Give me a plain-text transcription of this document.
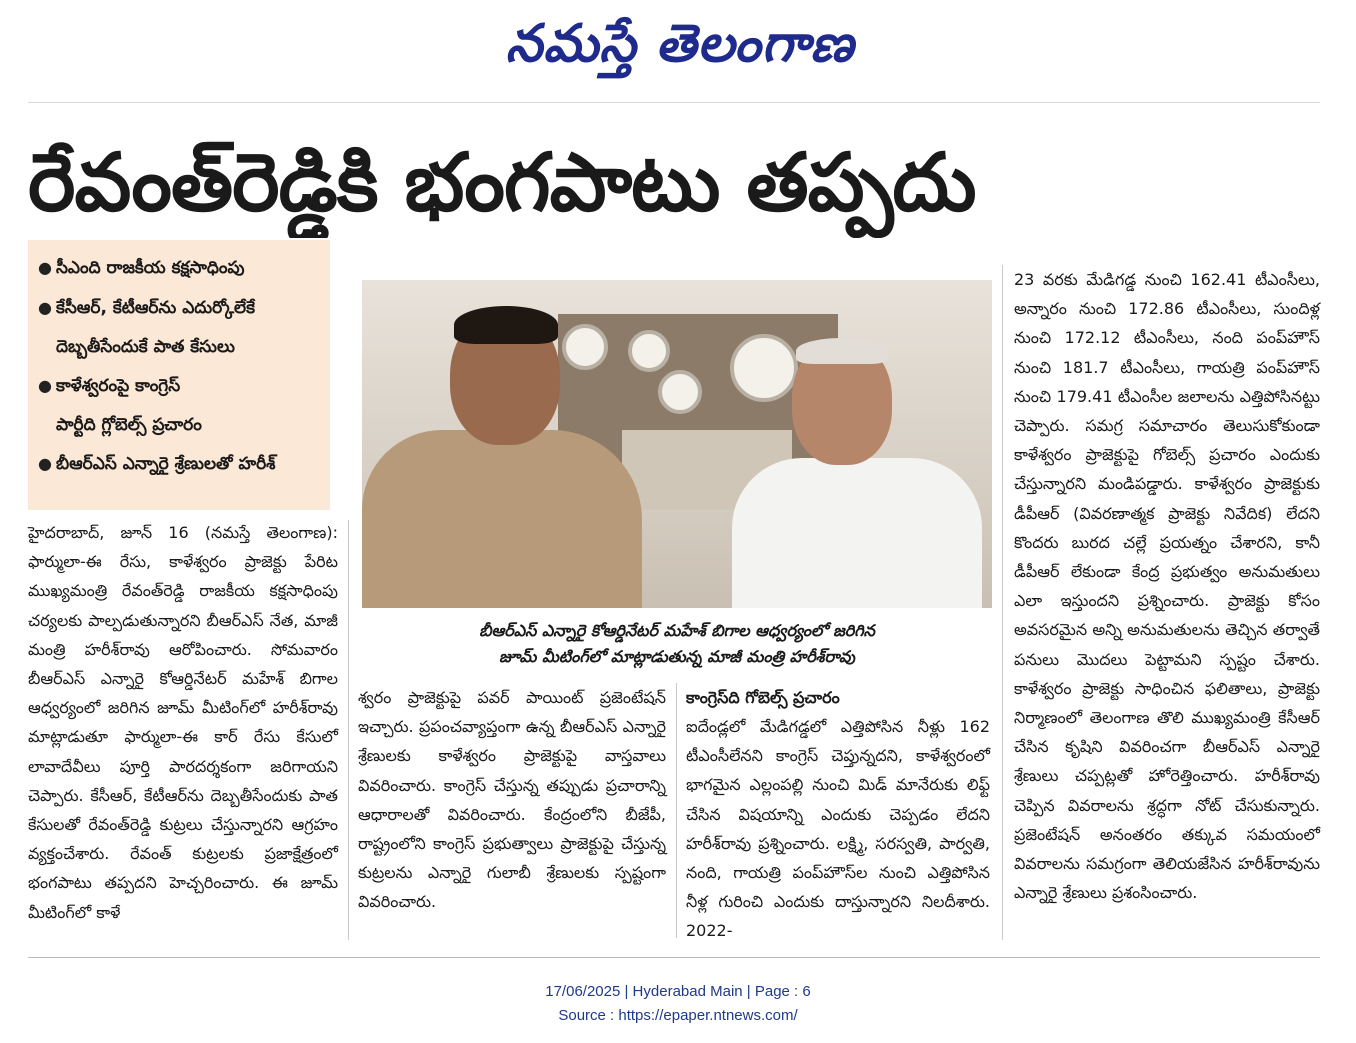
నమస్తే తెలంగాణ
రేవంత్‌రెడ్డికి భంగపాటు తప్పదు
● సీఎంది రాజకీయ కక్షసాధింపు
● కేసీఆర్, కేటీఆర్‌ను ఎదుర్కోలేకే
దెబ్బతీసేందుకే పాత కేసులు
● కాళేశ్వరంపై కాంగ్రెస్
పార్టీది గ్లోబెల్స్ ప్రచారం
● బీఆర్‌ఎస్ ఎన్నారై శ్రేణులతో హరీశ్
బీఆర్‌ఎస్ ఎన్నారై కోఆర్డినేటర్ మహేశ్ బిగాల ఆధ్వర్యంలో జరిగిన
జూమ్ మీటింగ్‌లో మాట్లాడుతున్న మాజీ మంత్రి హరీశ్‌రావు

హైదరాబాద్, జూన్ 16 (నమస్తే తెలంగాణ): ఫార్ములా-ఈ రేసు, కాళేశ్వరం ప్రాజెక్టు పేరిట ముఖ్యమంత్రి రేవంత్‌రెడ్డి రాజకీయ కక్షసాధింపు చర్యలకు పాల్పడుతున్నారని బీఆర్‌ఎస్ నేత, మాజీ మంత్రి హరీశ్‌రావు ఆరోపించారు. సోమవారం బీఆర్‌ఎస్ ఎన్నారై కోఆర్డినేటర్ మహేశ్ బిగాల ఆధ్వర్యంలో జరిగిన జూమ్ మీటింగ్‌లో హరీశ్‌రావు మాట్లాడుతూ ఫార్ములా-ఈ కార్ రేసు కేసులో లావాదేవీలు పూర్తి పారదర్శకంగా జరిగాయని చెప్పారు. కేసీఆర్, కేటీఆర్‌ను దెబ్బతీసేందుకు పాత కేసులతో రేవంత్‌రెడ్డి కుట్రలు చేస్తున్నారని ఆగ్రహం వ్యక్తంచేశారు. రేవంత్ కుట్రలకు ప్రజాక్షేత్రంలో భంగపాటు తప్పదని హెచ్చరించారు. ఈ జూమ్ మీటింగ్‌లో కాళే

శ్వరం ప్రాజెక్టుపై పవర్ పాయింట్ ప్రజెంటేషన్ ఇచ్చారు. ప్రపంచవ్యాప్తంగా ఉన్న బీఆర్‌ఎస్ ఎన్నారై శ్రేణులకు కాళేశ్వరం ప్రాజెక్టుపై వాస్తవాలు వివరించారు. కాంగ్రెస్ చేస్తున్న తప్పుడు ప్రచారాన్ని ఆధారాలతో వివరించారు. కేంద్రంలోని బీజేపీ, రాష్ట్రంలోని కాంగ్రెస్ ప్రభుత్వాలు ప్రాజెక్టుపై చేస్తున్న కుట్రలను ఎన్నారై గులాబీ శ్రేణులకు స్పష్టంగా వివరించారు.

కాంగ్రెస్‌ది గోబెల్స్ ప్రచారం

ఐదేండ్లలో మేడిగడ్డలో ఎత్తిపోసిన నీళ్లు 162 టీఎంసీలేనని కాంగ్రెస్ చెప్తున్నదని, కాళేశ్వరంలో భాగమైన ఎల్లంపల్లి నుంచి మిడ్ మానేరుకు లిఫ్ట్ చేసిన విషయాన్ని ఎందుకు చెప్పడం లేదని హరీశ్‌రావు ప్రశ్నించారు. లక్ష్మి, సరస్వతి, పార్వతి, నంది, గాయత్రి పంప్‌హౌస్‌ల నుంచి ఎత్తిపోసిన నీళ్ల గురించి ఎందుకు దాస్తున్నారని నిలదీశారు. 2022-

23 వరకు మేడిగడ్డ నుంచి 162.41 టీఎంసీలు, అన్నారం నుంచి 172.86 టీఎంసీలు, సుందిళ్ల నుంచి 172.12 టీఎంసీలు, నంది పంప్‌హౌస్ నుంచి 181.7 టీఎంసీలు, గాయత్రి పంప్‌హౌస్ నుంచి 179.41 టీఎంసీల జలాలను ఎత్తిపోసినట్టు చెప్పారు. సమగ్ర సమాచారం తెలుసుకోకుండా కాళేశ్వరం ప్రాజెక్టుపై గోబెల్స్ ప్రచారం ఎందుకు చేస్తున్నారని మండిపడ్డారు. కాళేశ్వరం ప్రాజెక్టుకు డీపీఆర్ (వివరణాత్మక ప్రాజెక్టు నివేదిక) లేదని కొందరు బురద చల్లే ప్రయత్నం చేశారని, కానీ డీపీఆర్ లేకుండా కేంద్ర ప్రభుత్వం అనుమతులు ఎలా ఇస్తుందని ప్రశ్నించారు. ప్రాజెక్టు కోసం అవసరమైన అన్ని అనుమతులను తెచ్చిన తర్వాతే పనులు మొదలు పెట్టామని స్పష్టం చేశారు. కాళేశ్వరం ప్రాజెక్టు సాధించిన ఫలితాలు, ప్రాజెక్టు నిర్మాణంలో తెలంగాణ తొలి ముఖ్యమంత్రి కేసీఆర్ చేసిన కృషిని వివరించగా బీఆర్‌ఎస్ ఎన్నారై శ్రేణులు చప్పట్లతో హోరెత్తించారు. హరీశ్‌రావు చెప్పిన వివరాలను శ్రద్ధగా నోట్ చేసుకున్నారు. ప్రజెంటేషన్ అనంతరం తక్కువ సమయంలో వివరాలను సమగ్రంగా తెలియజేసిన హరీశ్‌రావును ఎన్నారై శ్రేణులు ప్రశంసించారు.

17/06/2025 | Hyderabad Main | Page : 6
Source : https://epaper.ntnews.com/
